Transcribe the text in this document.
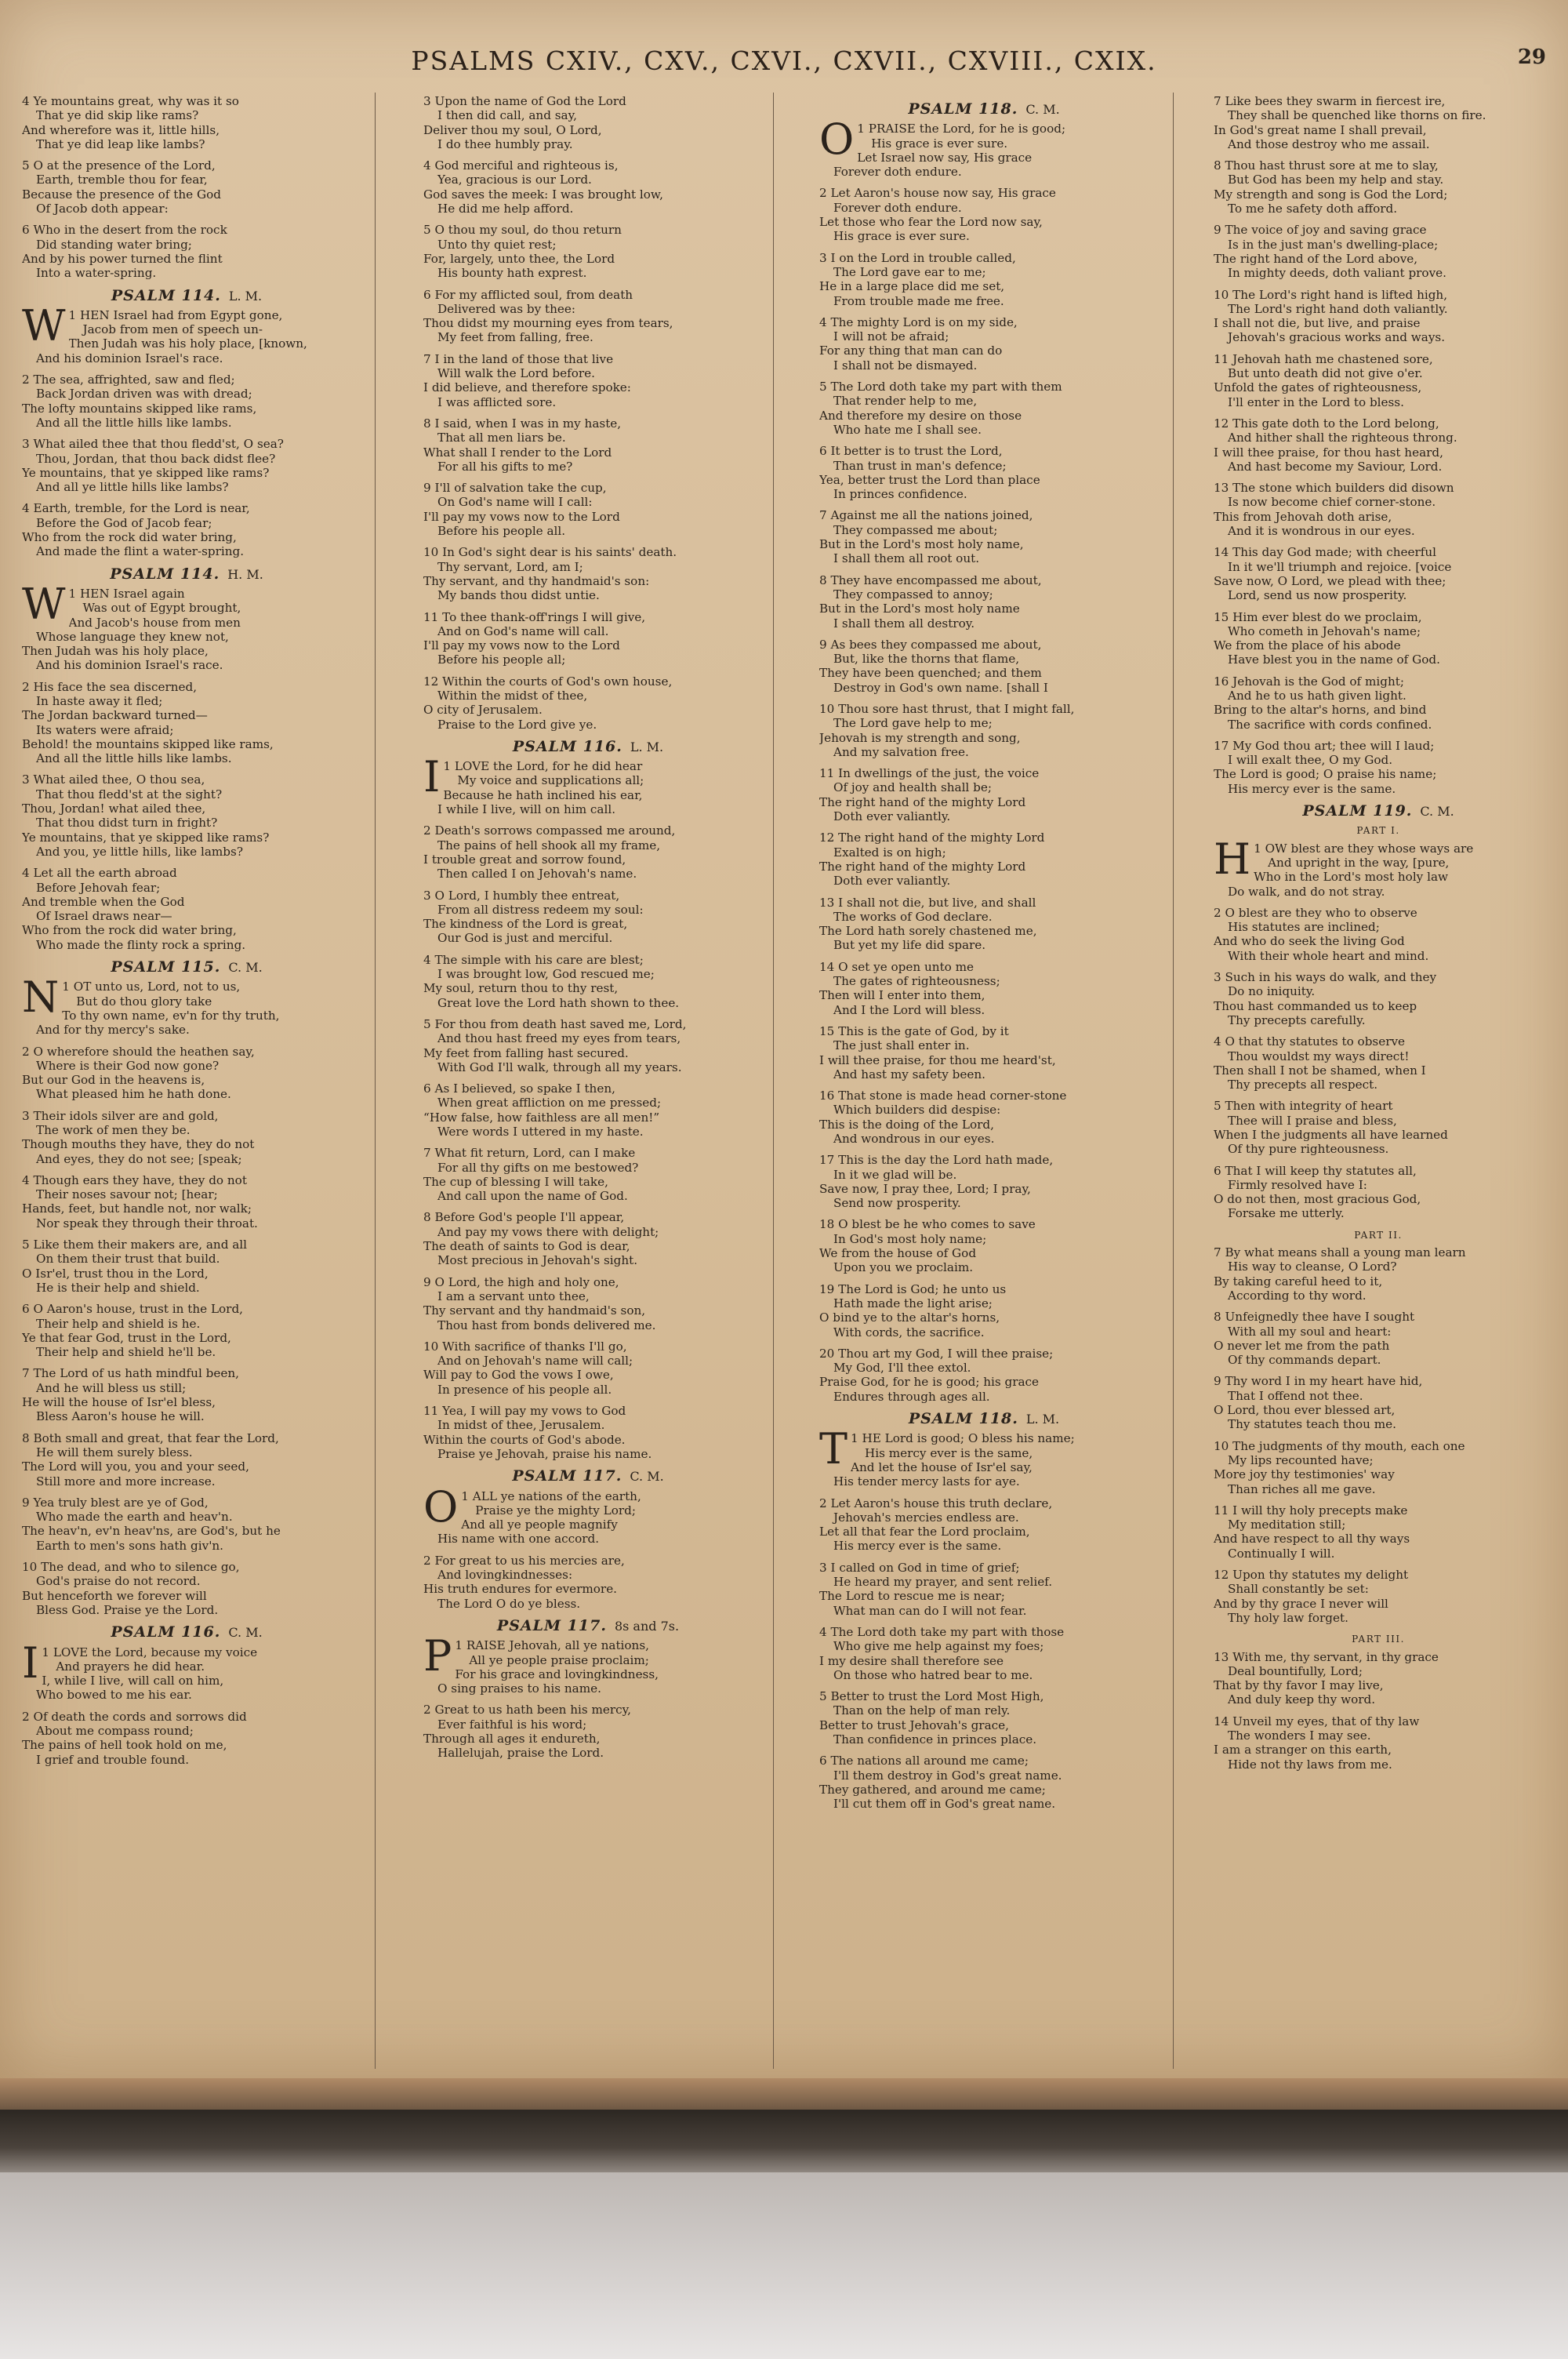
PSALMS CXIV., CXV., CXVI., CXVII., CXVIII., CXIX.	29
4 Ye mountains great, why was it so
That ye did skip like rams?
And wherefore was it, little hills,
That ye did leap like lambs?
5 O at the presence of the Lord,
Earth, tremble thou for fear,
Because the presence of the God
Of Jacob doth appear:
6 Who in the desert from the rock
Did standing water bring;
And by his power turned the flint
Into a water-spring.
PSALM 114. L. M.
W 1 HEN Israel had from Egypt gone,
Jacob from men of speech un-
Then Judah was his holy place, [known,
And his dominion Israel's race.
2 The sea, affrighted, saw and fled;
Back Jordan driven was with dread;
The lofty mountains skipped like rams,
And all the little hills like lambs.
3 What ailed thee that thou fledd'st, O sea?
Thou, Jordan, that thou back didst flee?
Ye mountains, that ye skipped like rams?
And all ye little hills like lambs?
4 Earth, tremble, for the Lord is near,
Before the God of Jacob fear;
Who from the rock did water bring,
And made the flint a water-spring.
PSALM 114. H. M.
W 1 HEN Israel again
Was out of Egypt brought,
And Jacob's house from men
Whose language they knew not,
Then Judah was his holy place,
And his dominion Israel's race.
2 His face the sea discerned,
In haste away it fled;
The Jordan backward turned—
Its waters were afraid;
Behold! the mountains skipped like rams,
And all the little hills like lambs.
3 What ailed thee, O thou sea,
That thou fledd'st at the sight?
Thou, Jordan! what ailed thee,
That thou didst turn in fright?
Ye mountains, that ye skipped like rams?
And you, ye little hills, like lambs?
4 Let all the earth abroad
Before Jehovah fear;
And tremble when the God
Of Israel draws near—
Who from the rock did water bring,
Who made the flinty rock a spring.
PSALM 115. C. M.
N 1 OT unto us, Lord, not to us,
But do thou glory take
To thy own name, ev'n for thy truth,
And for thy mercy's sake.
2 O wherefore should the heathen say,
Where is their God now gone?
But our God in the heavens is,
What pleased him he hath done.
3 Their idols silver are and gold,
The work of men they be.
Though mouths they have, they do not
And eyes, they do not see; [speak;
4 Though ears they have, they do not
Their noses savour not; [hear;
Hands, feet, but handle not, nor walk;
Nor speak they through their throat.
5 Like them their makers are, and all
On them their trust that build.
O Isr'el, trust thou in the Lord,
He is their help and shield.
6 O Aaron's house, trust in the Lord,
Their help and shield is he.
Ye that fear God, trust in the Lord,
Their help and shield he'll be.
7 The Lord of us hath mindful been,
And he will bless us still;
He will the house of Isr'el bless,
Bless Aaron's house he will.
8 Both small and great, that fear the Lord,
He will them surely bless.
The Lord will you, you and your seed,
Still more and more increase.
9 Yea truly blest are ye of God,
Who made the earth and heav'n.
The heav'n, ev'n heav'ns, are God's, but he
Earth to men's sons hath giv'n.
10 The dead, and who to silence go,
God's praise do not record.
But henceforth we forever will
Bless God. Praise ye the Lord.
PSALM 116. C. M.
I 1 LOVE the Lord, because my voice
And prayers he did hear.
I, while I live, will call on him,
Who bowed to me his ear.
2 Of death the cords and sorrows did
About me compass round;
The pains of hell took hold on me,
I grief and trouble found.
3 Upon the name of God the Lord
I then did call, and say,
Deliver thou my soul, O Lord,
I do thee humbly pray.
4 God merciful and righteous is,
Yea, gracious is our Lord.
God saves the meek: I was brought low,
He did me help afford.
5 O thou my soul, do thou return
Unto thy quiet rest;
For, largely, unto thee, the Lord
His bounty hath exprest.
6 For my afflicted soul, from death
Delivered was by thee:
Thou didst my mourning eyes from tears,
My feet from falling, free.
7 I in the land of those that live
Will walk the Lord before.
I did believe, and therefore spoke:
I was afflicted sore.
8 I said, when I was in my haste,
That all men liars be.
What shall I render to the Lord
For all his gifts to me?
9 I'll of salvation take the cup,
On God's name will I call:
I'll pay my vows now to the Lord
Before his people all.
10 In God's sight dear is his saints' death.
Thy servant, Lord, am I;
Thy servant, and thy handmaid's son:
My bands thou didst untie.
11 To thee thank-off'rings I will give,
And on God's name will call.
I'll pay my vows now to the Lord
Before his people all;
12 Within the courts of God's own house,
Within the midst of thee,
O city of Jerusalem.
Praise to the Lord give ye.
PSALM 116. L. M.
I 1 LOVE the Lord, for he did hear
My voice and supplications all;
Because he hath inclined his ear,
I while I live, will on him call.
2 Death's sorrows compassed me around,
The pains of hell shook all my frame,
I trouble great and sorrow found,
Then called I on Jehovah's name.
3 O Lord, I humbly thee entreat,
From all distress redeem my soul:
The kindness of the Lord is great,
Our God is just and merciful.
4 The simple with his care are blest;
I was brought low, God rescued me;
My soul, return thou to thy rest,
Great love the Lord hath shown to thee.
5 For thou from death hast saved me, Lord,
And thou hast freed my eyes from tears,
My feet from falling hast secured.
With God I'll walk, through all my years.
6 As I believed, so spake I then,
When great affliction on me pressed;
“How false, how faithless are all men!”
Were words I uttered in my haste.
7 What fit return, Lord, can I make
For all thy gifts on me bestowed?
The cup of blessing I will take,
And call upon the name of God.
8 Before God's people I'll appear,
And pay my vows there with delight;
The death of saints to God is dear,
Most precious in Jehovah's sight.
9 O Lord, the high and holy one,
I am a servant unto thee,
Thy servant and thy handmaid's son,
Thou hast from bonds delivered me.
10 With sacrifice of thanks I'll go,
And on Jehovah's name will call;
Will pay to God the vows I owe,
In presence of his people all.
11 Yea, I will pay my vows to God
In midst of thee, Jerusalem.
Within the courts of God's abode.
Praise ye Jehovah, praise his name.
PSALM 117. C. M.
O 1 ALL ye nations of the earth,
Praise ye the mighty Lord;
And all ye people magnify
His name with one accord.
2 For great to us his mercies are,
And lovingkindnesses:
His truth endures for evermore.
The Lord O do ye bless.
PSALM 117. 8s and 7s.
P 1 RAISE Jehovah, all ye nations,
All ye people praise proclaim;
For his grace and lovingkindness,
O sing praises to his name.
2 Great to us hath been his mercy,
Ever faithful is his word;
Through all ages it endureth,
Hallelujah, praise the Lord.
PSALM 118. C. M.
O 1 PRAISE the Lord, for he is good;
His grace is ever sure.
Let Israel now say, His grace
Forever doth endure.
2 Let Aaron's house now say, His grace
Forever doth endure.
Let those who fear the Lord now say,
His grace is ever sure.
3 I on the Lord in trouble called,
The Lord gave ear to me;
He in a large place did me set,
From trouble made me free.
4 The mighty Lord is on my side,
I will not be afraid;
For any thing that man can do
I shall not be dismayed.
5 The Lord doth take my part with them
That render help to me,
And therefore my desire on those
Who hate me I shall see.
6 It better is to trust the Lord,
Than trust in man's defence;
Yea, better trust the Lord than place
In princes confidence.
7 Against me all the nations joined,
They compassed me about;
But in the Lord's most holy name,
I shall them all root out.
8 They have encompassed me about,
They compassed to annoy;
But in the Lord's most holy name
I shall them all destroy.
9 As bees they compassed me about,
But, like the thorns that flame,
They have been quenched; and them
Destroy in God's own name. [shall I
10 Thou sore hast thrust, that I might fall,
The Lord gave help to me;
Jehovah is my strength and song,
And my salvation free.
11 In dwellings of the just, the voice
Of joy and health shall be;
The right hand of the mighty Lord
Doth ever valiantly.
12 The right hand of the mighty Lord
Exalted is on high;
The right hand of the mighty Lord
Doth ever valiantly.
13 I shall not die, but live, and shall
The works of God declare.
The Lord hath sorely chastened me,
But yet my life did spare.
14 O set ye open unto me
The gates of righteousness;
Then will I enter into them,
And I the Lord will bless.
15 This is the gate of God, by it
The just shall enter in.
I will thee praise, for thou me heard'st,
And hast my safety been.
16 That stone is made head corner-stone
Which builders did despise:
This is the doing of the Lord,
And wondrous in our eyes.
17 This is the day the Lord hath made,
In it we glad will be.
Save now, I pray thee, Lord; I pray,
Send now prosperity.
18 O blest be he who comes to save
In God's most holy name;
We from the house of God
Upon you we proclaim.
19 The Lord is God; he unto us
Hath made the light arise;
O bind ye to the altar's horns,
With cords, the sacrifice.
20 Thou art my God, I will thee praise;
My God, I'll thee extol.
Praise God, for he is good; his grace
Endures through ages all.
PSALM 118. L. M.
T 1 HE Lord is good; O bless his name;
His mercy ever is the same,
And let the house of Isr'el say,
His tender mercy lasts for aye.
2 Let Aaron's house this truth declare,
Jehovah's mercies endless are.
Let all that fear the Lord proclaim,
His mercy ever is the same.
3 I called on God in time of grief;
He heard my prayer, and sent relief.
The Lord to rescue me is near;
What man can do I will not fear.
4 The Lord doth take my part with those
Who give me help against my foes;
I my desire shall therefore see
On those who hatred bear to me.
5 Better to trust the Lord Most High,
Than on the help of man rely.
Better to trust Jehovah's grace,
Than confidence in princes place.
6 The nations all around me came;
I'll them destroy in God's great name.
They gathered, and around me came;
I'll cut them off in God's great name.
7 Like bees they swarm in fiercest ire,
They shall be quenched like thorns on fire.
In God's great name I shall prevail,
And those destroy who me assail.
8 Thou hast thrust sore at me to slay,
But God has been my help and stay.
My strength and song is God the Lord;
To me he safety doth afford.
9 The voice of joy and saving grace
Is in the just man's dwelling-place;
The right hand of the Lord above,
In mighty deeds, doth valiant prove.
10 The Lord's right hand is lifted high,
The Lord's right hand doth valiantly.
I shall not die, but live, and praise
Jehovah's gracious works and ways.
11 Jehovah hath me chastened sore,
But unto death did not give o'er.
Unfold the gates of righteousness,
I'll enter in the Lord to bless.
12 This gate doth to the Lord belong,
And hither shall the righteous throng.
I will thee praise, for thou hast heard,
And hast become my Saviour, Lord.
13 The stone which builders did disown
Is now become chief corner-stone.
This from Jehovah doth arise,
And it is wondrous in our eyes.
14 This day God made; with cheerful
In it we'll triumph and rejoice. [voice
Save now, O Lord, we plead with thee;
Lord, send us now prosperity.
15 Him ever blest do we proclaim,
Who cometh in Jehovah's name;
We from the place of his abode
Have blest you in the name of God.
16 Jehovah is the God of might;
And he to us hath given light.
Bring to the altar's horns, and bind
The sacrifice with cords confined.
17 My God thou art; thee will I laud;
I will exalt thee, O my God.
The Lord is good; O praise his name;
His mercy ever is the same.
PSALM 119. C. M.
PART I.
H 1 OW blest are they whose ways are
And upright in the way, [pure,
Who in the Lord's most holy law
Do walk, and do not stray.
2 O blest are they who to observe
His statutes are inclined;
And who do seek the living God
With their whole heart and mind.
3 Such in his ways do walk, and they
Do no iniquity.
Thou hast commanded us to keep
Thy precepts carefully.
4 O that thy statutes to observe
Thou wouldst my ways direct!
Then shall I not be shamed, when I
Thy precepts all respect.
5 Then with integrity of heart
Thee will I praise and bless,
When I the judgments all have learned
Of thy pure righteousness.
6 That I will keep thy statutes all,
Firmly resolved have I:
O do not then, most gracious God,
Forsake me utterly.
PART II.
7 By what means shall a young man learn
His way to cleanse, O Lord?
By taking careful heed to it,
According to thy word.
8 Unfeignedly thee have I sought
With all my soul and heart:
O never let me from the path
Of thy commands depart.
9 Thy word I in my heart have hid,
That I offend not thee.
O Lord, thou ever blessed art,
Thy statutes teach thou me.
10 The judgments of thy mouth, each one
My lips recounted have;
More joy thy testimonies' way
Than riches all me gave.
11 I will thy holy precepts make
My meditation still;
And have respect to all thy ways
Continually I will.
12 Upon thy statutes my delight
Shall constantly be set:
And by thy grace I never will
Thy holy law forget.
PART III.
13 With me, thy servant, in thy grace
Deal bountifully, Lord;
That by thy favor I may live,
And duly keep thy word.
14 Unveil my eyes, that of thy law
The wonders I may see.
I am a stranger on this earth,
Hide not thy laws from me.
